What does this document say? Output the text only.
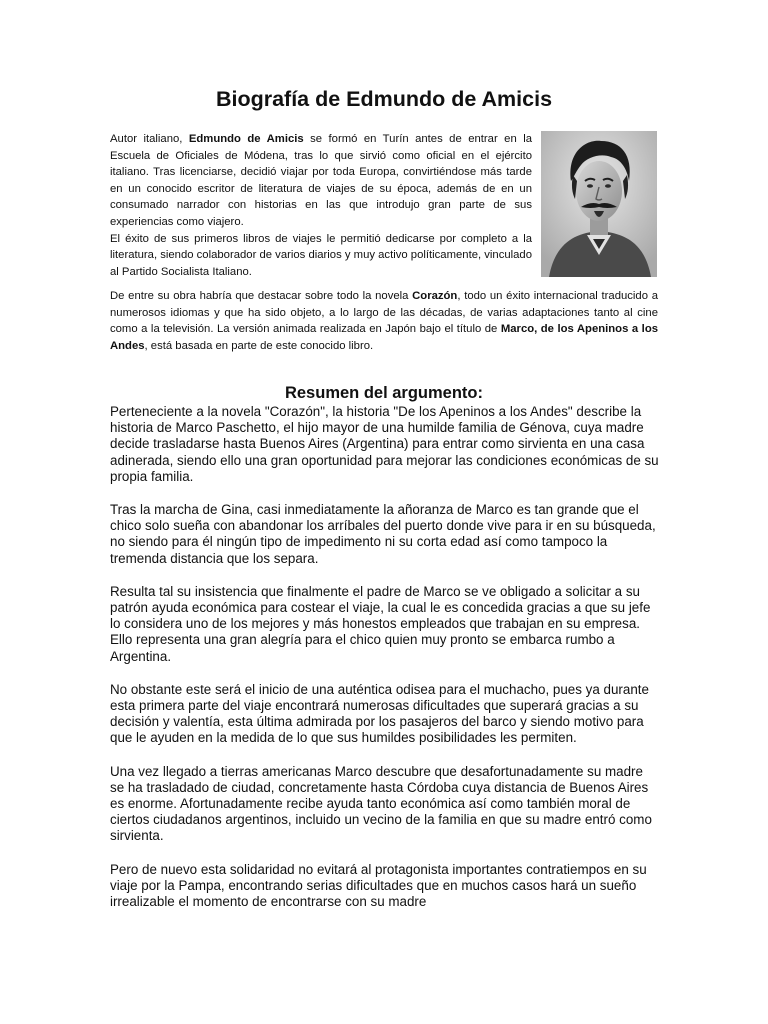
Biografía de Edmundo de Amicis

Autor italiano, Edmundo de Amicis se formó en Turín antes de entrar en la Escuela de Oficiales de Módena, tras lo que sirvió como oficial en el ejército italiano. Tras licenciarse, decidió viajar por toda Europa, convirtiéndose más tarde en un conocido escritor de literatura de viajes de su época, además de en un consumado narrador con historias en las que introdujo gran parte de sus experiencias como viajero.

El éxito de sus primeros libros de viajes le permitió dedicarse por completo a la literatura, siendo colaborador de varios diarios y muy activo políticamente, vinculado al Partido Socialista Italiano.

De entre su obra habría que destacar sobre todo la novela Corazón, todo un éxito internacional traducido a numerosos idiomas y que ha sido objeto, a lo largo de las décadas, de varias adaptaciones tanto al cine como a la televisión. La versión animada realizada en Japón bajo el título de Marco, de los Apeninos a los Andes, está basada en parte de este conocido libro.

Resumen del argumento:

Perteneciente a la novela "Corazón", la historia "De los Apeninos a los Andes" describe la historia de Marco Paschetto, el hijo mayor de una humilde familia de Génova, cuya madre decide trasladarse hasta Buenos Aires (Argentina) para entrar como sirvienta en una casa adinerada, siendo ello una gran oportunidad para mejorar las condiciones económicas de su propia familia.

Tras la marcha de Gina, casi inmediatamente la añoranza de Marco es tan grande que el chico solo sueña con abandonar los arríbales del puerto donde vive para ir en su búsqueda, no siendo para él ningún tipo de impedimento ni su corta edad así como tampoco la tremenda distancia que los separa.

Resulta tal su insistencia que finalmente el padre de Marco se ve obligado a solicitar a su patrón ayuda económica para costear el viaje, la cual le es concedida gracias a que su jefe lo considera uno de los mejores y más honestos empleados que trabajan en su empresa. Ello representa una gran alegría para el chico quien muy pronto se embarca rumbo a Argentina.

No obstante este será el inicio de una auténtica odisea para el muchacho, pues ya durante esta primera parte del viaje encontrará numerosas dificultades que superará gracias a su decisión y valentía, esta última admirada por los pasajeros del barco y siendo motivo para que le ayuden en la medida de lo que sus humildes posibilidades les permiten.

Una vez llegado a tierras americanas Marco descubre que desafortunadamente su madre se ha trasladado de ciudad, concretamente hasta Córdoba cuya distancia de Buenos Aires es enorme. Afortunadamente recibe ayuda tanto económica así como también moral de ciertos ciudadanos argentinos, incluido un vecino de la familia en que su madre entró como sirvienta.

Pero de nuevo esta solidaridad no evitará al protagonista importantes contratiempos en su viaje por la Pampa, encontrando serias dificultades que en muchos casos hará un sueño irrealizable el momento de encontrarse con su madre
